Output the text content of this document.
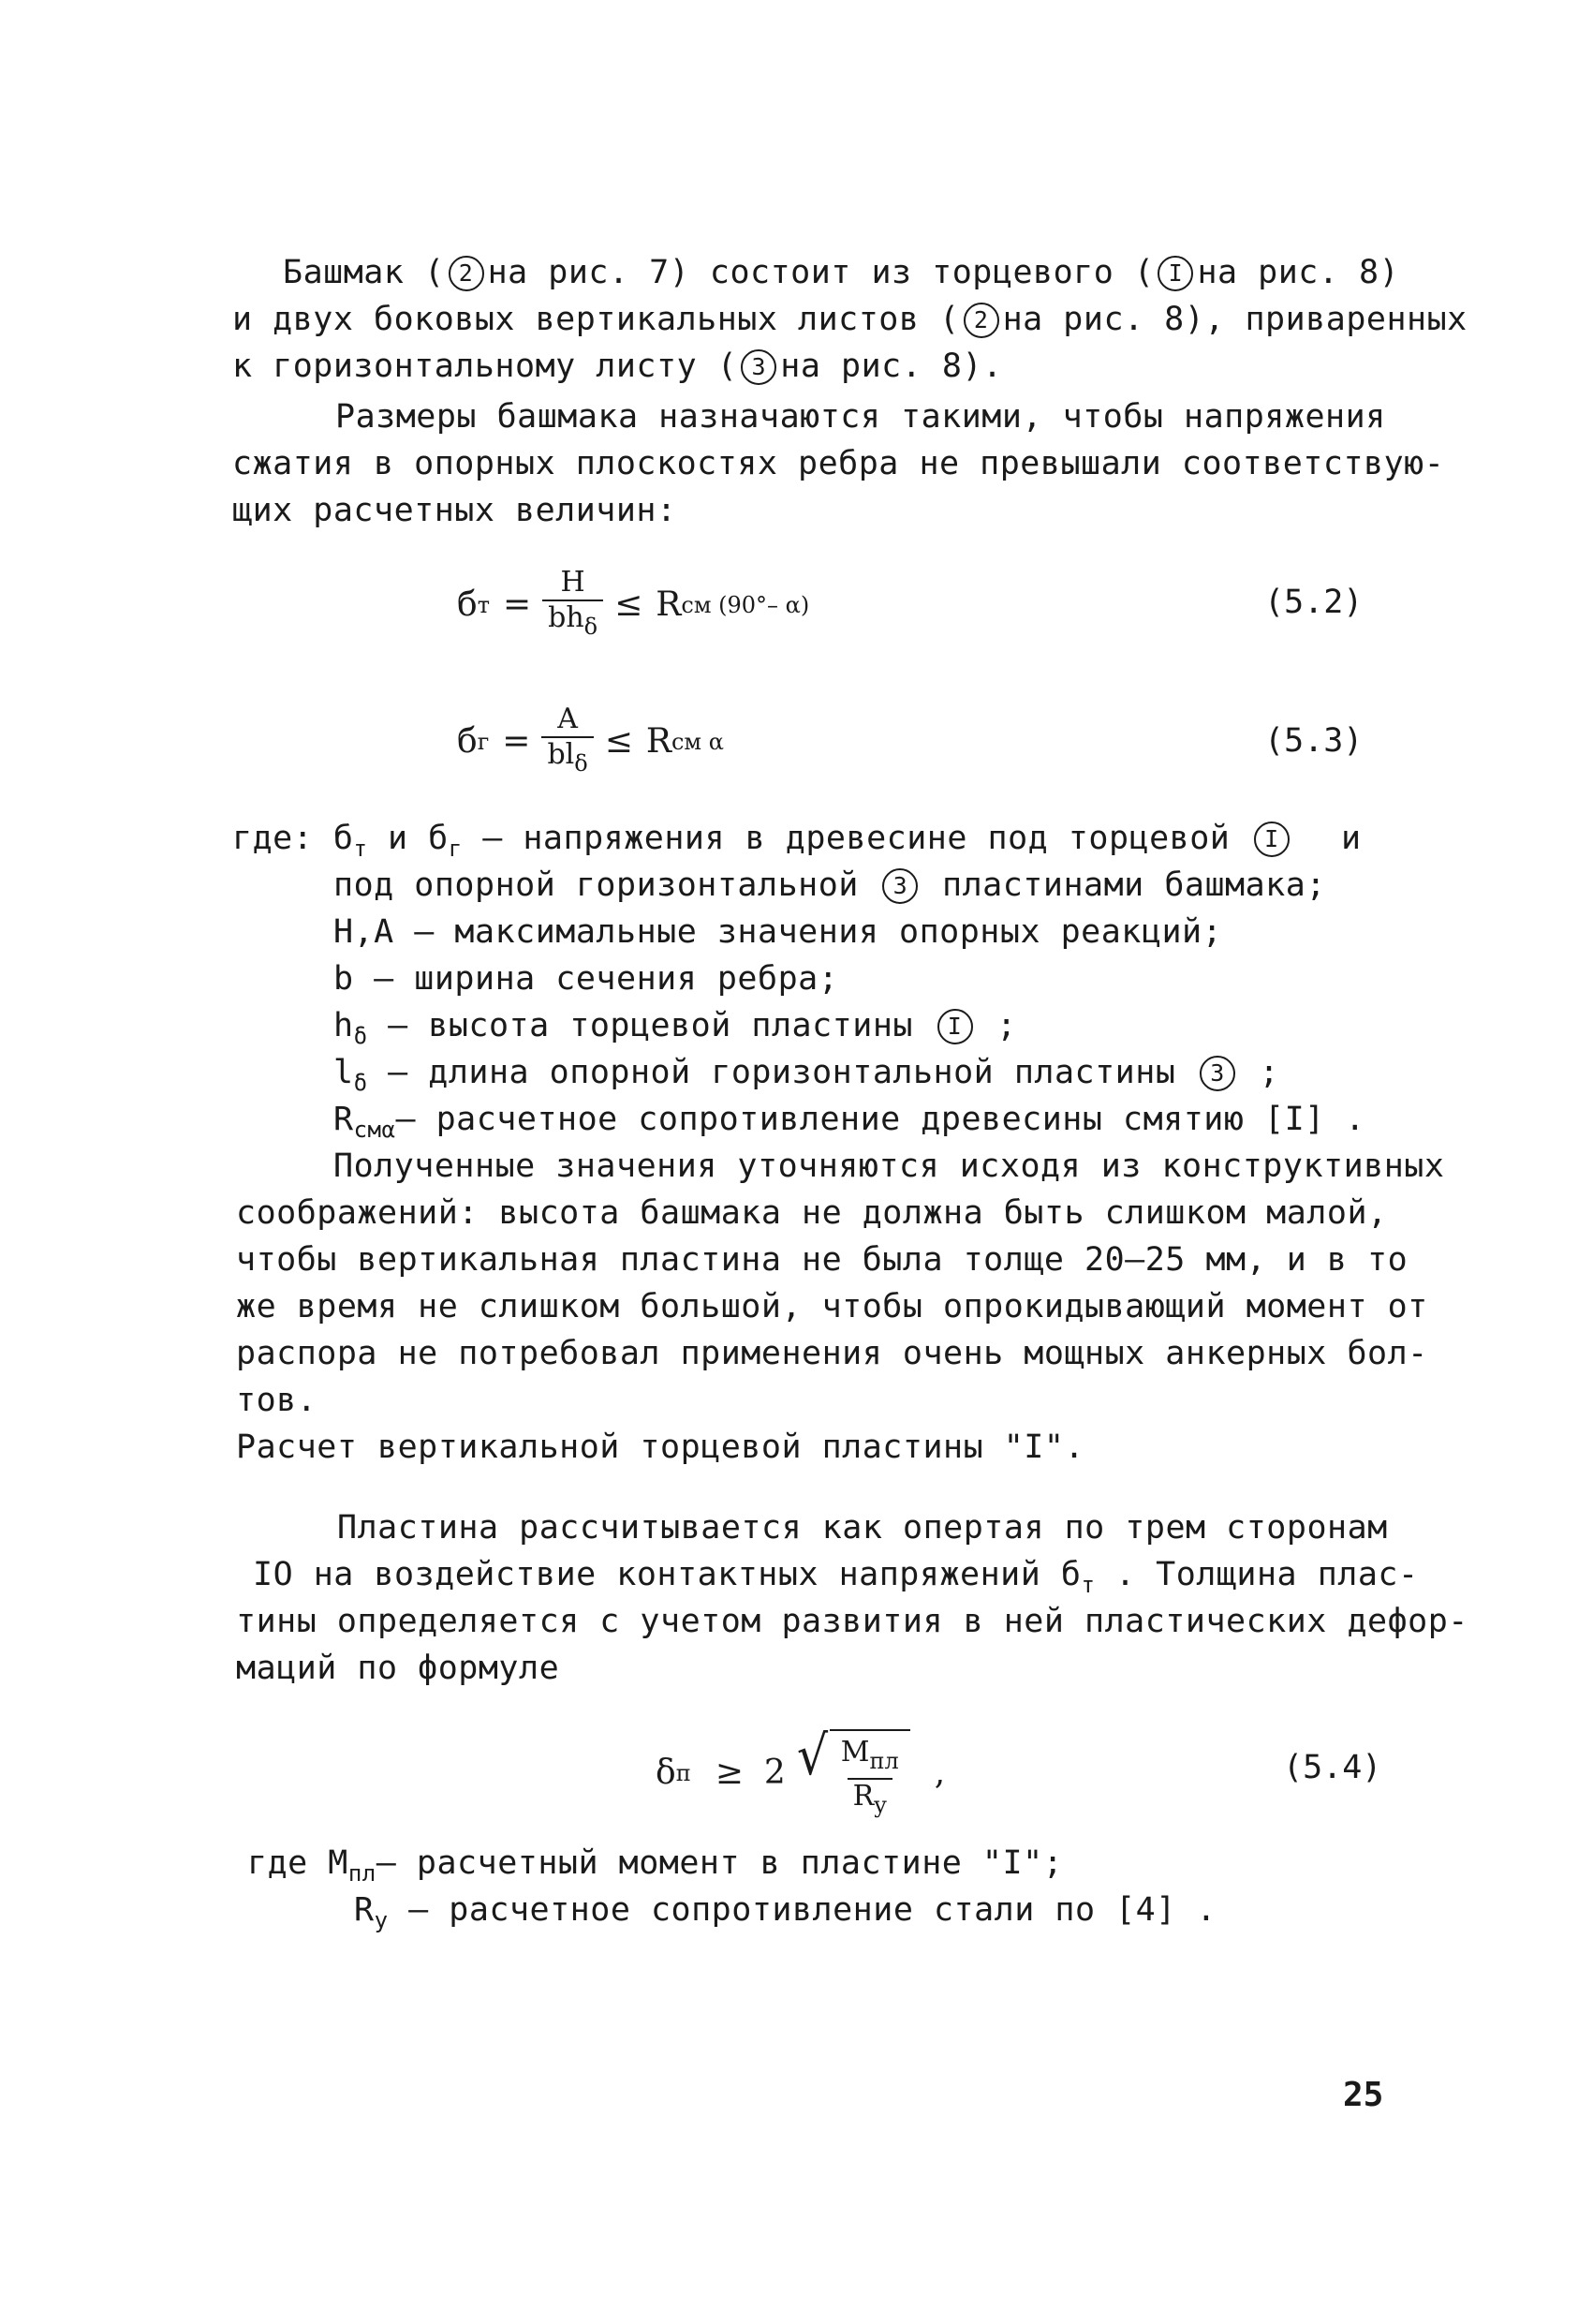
Башмак ( 2 на рис. 7) состоит из торцевого ( I на рис. 8)
и двух боковых вертикальных листов ( 2 на рис. 8), приваренных
к горизонтальному листу ( 3 на рис. 8).
Размеры башмака назначаются такими, чтобы напряжения
сжатия в опорных плоскостях ребра не превышали соответствую-
щих расчетных величин:
б $т = \frac{H}{bh_\delta} \le R$ см (90°– α)	(5.2)
б $г = \frac{A}{bl_\delta} \le R$ см α	(5.3)
где: $б_т$ и $б_г$ – напряжения в древесине под торцевой I	и
под опорной горизонтальной 3 пластинами башмака;
Н,А – максимальные значения опорных реакций;
b – ширина сечения ребра;
$h_\delta$ – высота торцевой пластины I ;
$l_\delta$ – длина опорной горизонтальной пластины 3 ;
$R_{см\alpha}-$ расчетное сопротивление древесины смятию [I] .
Полученные значения уточняются исходя из конструктивных
соображений: высота башмака не должна быть слишком малой,
чтобы вертикальная пластина не была толще 20–25 мм, и в то
же время не слишком большой, чтобы опрокидывающий момент от
распора не потребовал применения очень мощных анкерных бол-
тов.
Расчет вертикальной торцевой пластины "I".
Пластина рассчитывается как опертая по трем сторонам
IO на воздействие контактных напряжений $б_т$ . Толщина плас-
тины определяется с учетом развития в ней пластических дефор-
маций по формуле
δ п ≥ 2 √ $\frac{M_{пл}}{R_y}$ ,	(5.4)
где $M_{пл}-$ расчетный момент в пластине "I";
$R_y$ – расчетное сопротивление стали по [4] .
25
